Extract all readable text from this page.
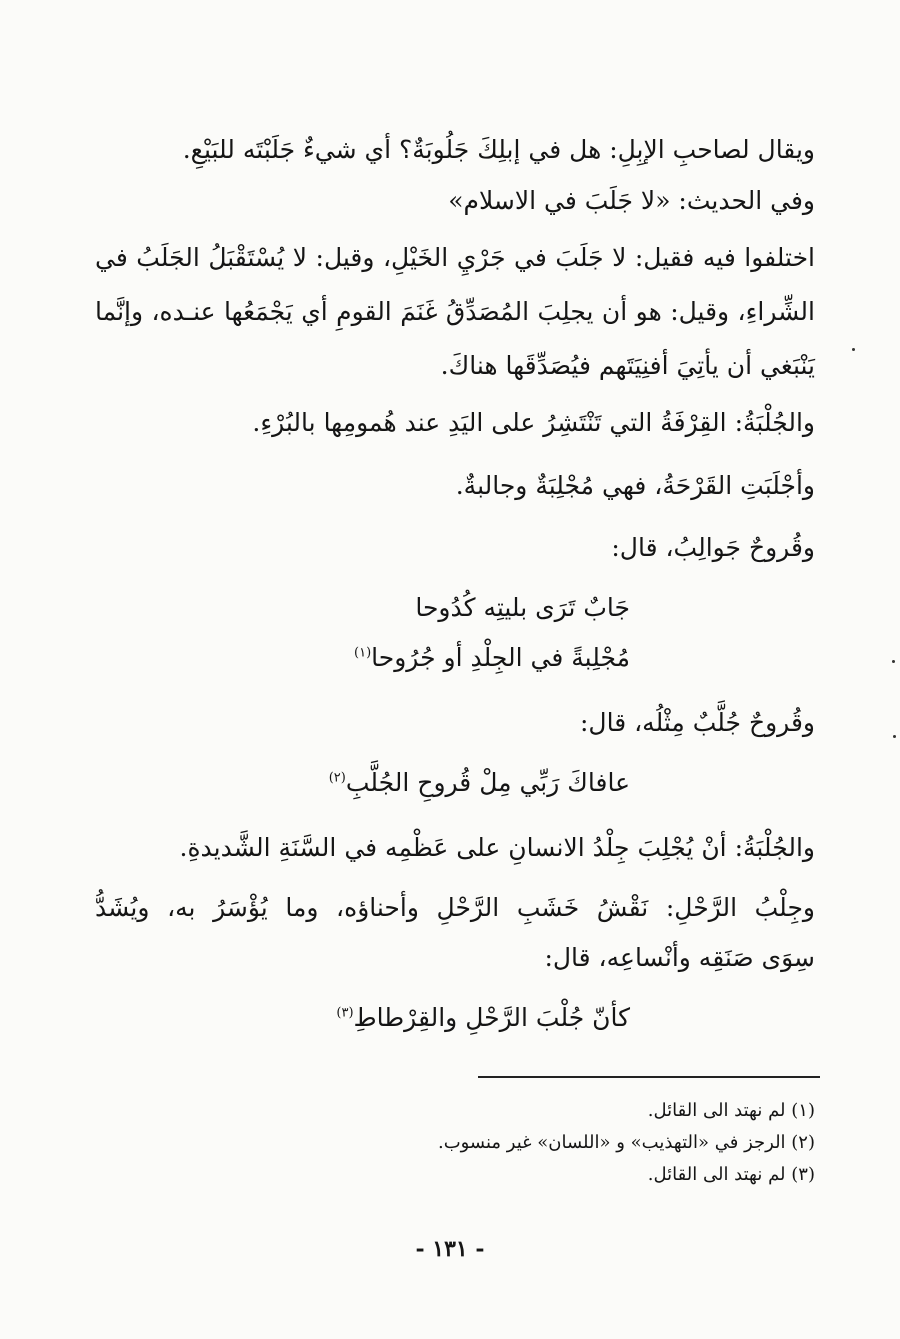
ويقال لصاحبِ الإبِلِ: هل في إبلِكَ جَلُوبَةٌ؟ أي شيءٌ جَلَبْتَه للبَيْعِ.

وفي الحديث: «لا جَلَبَ في الاسلام»

اختلفوا فيه فقيل: لا جَلَبَ في جَرْيِ الخَيْلِ، وقيل: لا يُسْتَقْبَلُ الجَلَبُ في

الشِّراءِ، وقيل: هو أن يجلِبَ المُصَدِّقُ غَنَمَ القومِ أي يَجْمَعُها عنـده، وإنَّما

يَنْبَغي أن يأتِيَ أفنِيَتَهم فيُصَدِّقَها هناكَ.

والجُلْبَةُ: القِرْفَةُ التي تَنْتَشِرُ على اليَدِ عند هُمومِها بالبُرْءِ.

وأجْلَبَتِ القَرْحَةُ، فهي مُجْلِبَةٌ وجالبةٌ.

وقُروحٌ جَوالِبُ، قال:

جَابٌ تَرَى بليتِه كُدُوحا

مُجْلِبةً في الجِلْدِ أو جُرُوحا$^{(١)}$

وقُروحٌ جُلَّبٌ مِثْلُه، قال:

عافاكَ رَبِّي مِلْ قُروحِ الجُلَّبِ$^{(٢)}$

والجُلْبَةُ: أنْ يُجْلِبَ جِلْدُ الانسانِ على عَظْمِه في السَّنَةِ الشَّديدةِ.

وجِلْبُ الرَّحْلِ: نَقْشُ خَشَبِ الرَّحْلِ وأحناؤه، وما يُؤْسَرُ به، ويُشَدُّ

سِوَى صَنَقِه وأنْساعِه، قال:

كأنّ جُلْبَ الرَّحْلِ والقِرْطاطِ$^{(٣)}$

(١) لم نهتد الى القائل.

(٢) الرجز في «التهذيب» و «اللسان» غير منسوب.

(٣) لم نهتد الى القائل.

- ١٣١ -
